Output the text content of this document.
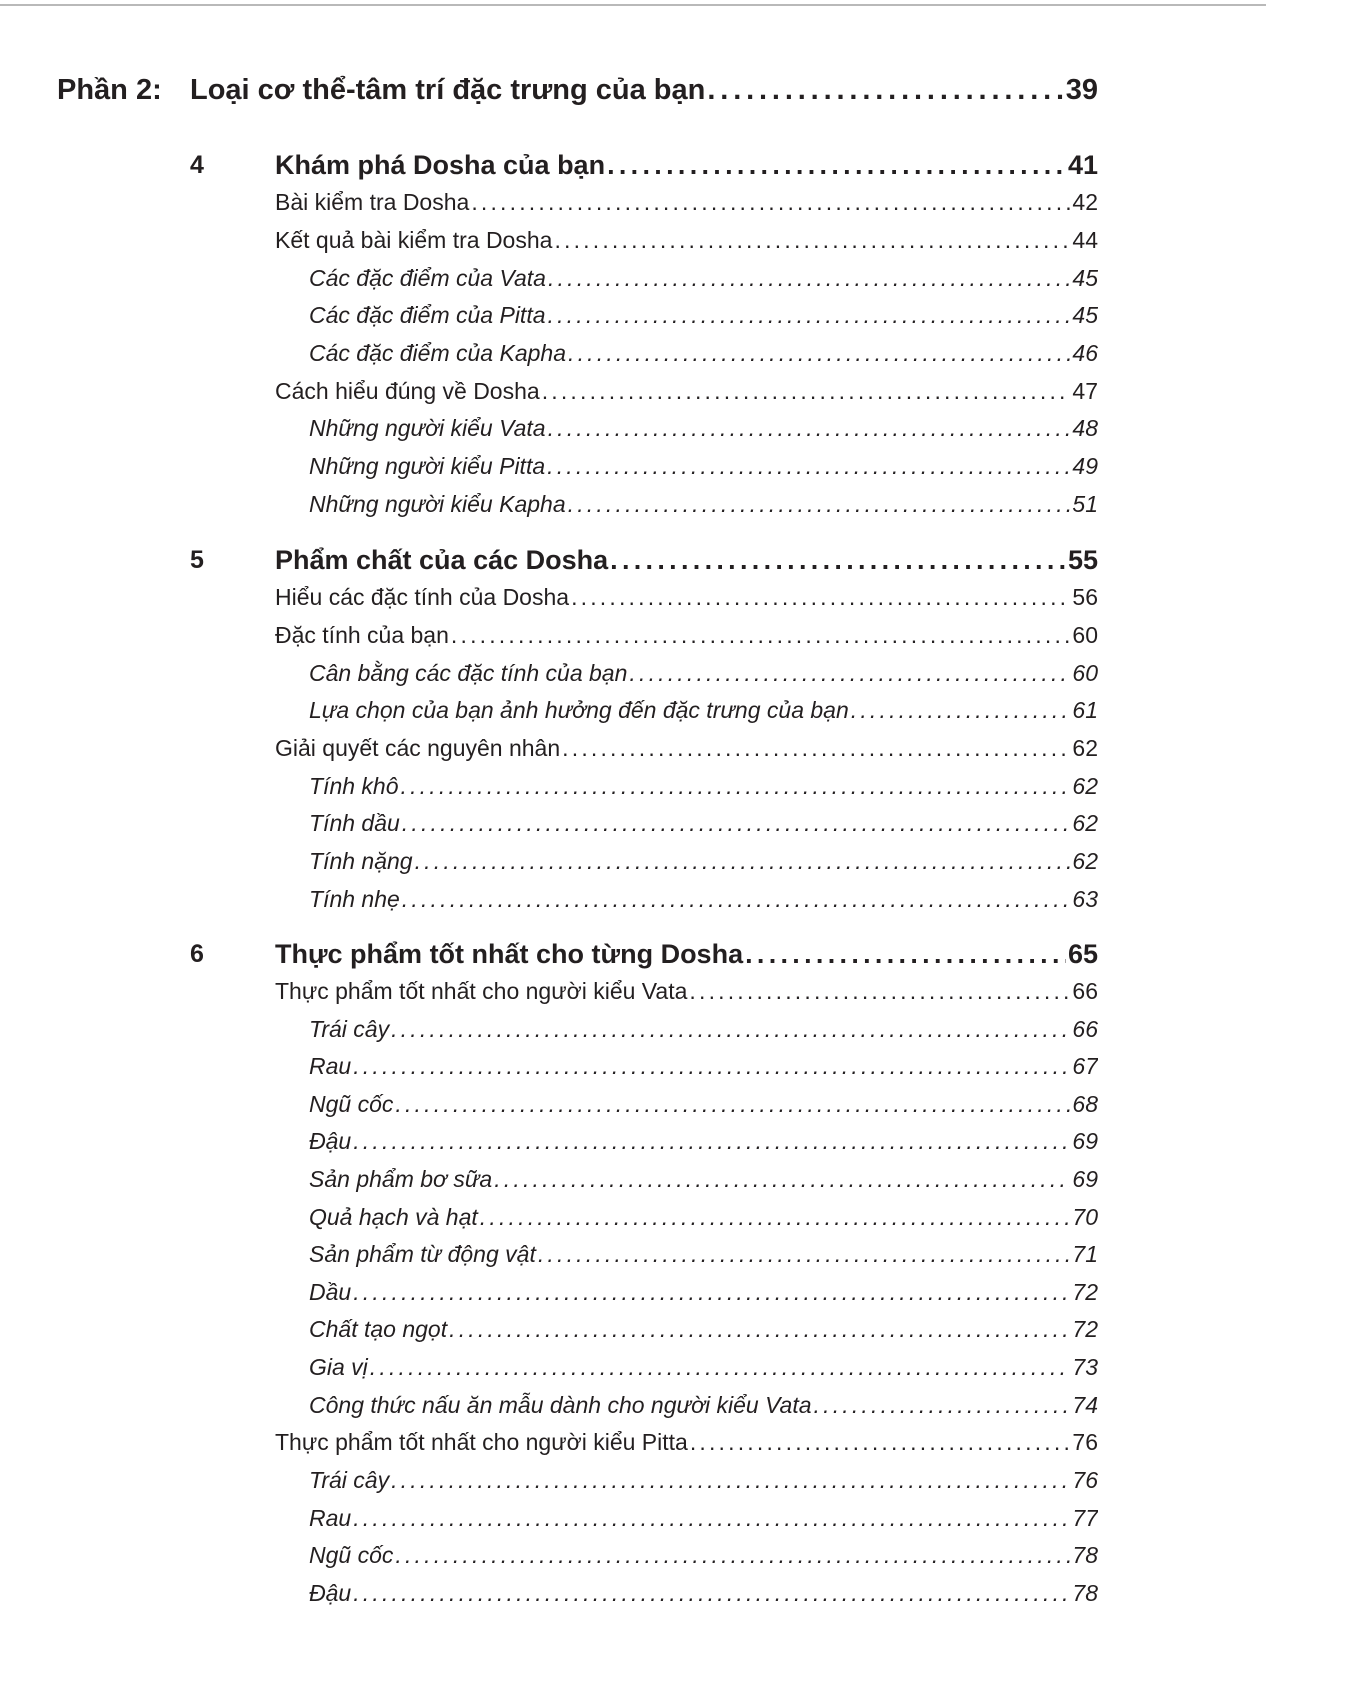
Phần 2: Loại cơ thể-tâm trí đặc trưng của bạn . . .	39
4	Khám phá Dosha của bạn . . .	41
Bài kiểm tra Dosha . . .	42
Kết quả bài kiểm tra Dosha . . .	44
Các đặc điểm của Vata . . .	45
Các đặc điểm của Pitta . . .	45
Các đặc điểm của Kapha . . .	46
Cách hiểu đúng về Dosha . . .	47
Những người kiểu Vata . . .	48
Những người kiểu Pitta . . .	49
Những người kiểu Kapha . . .	51
5	Phẩm chất của các Dosha . . .	55
Hiểu các đặc tính của Dosha . . .	56
Đặc tính của bạn . . .	60
Cân bằng các đặc tính của bạn . . .	60
Lựa chọn của bạn ảnh hưởng đến đặc trưng của bạn . . .	61
Giải quyết các nguyên nhân . . .	62
Tính khô . . .	62
Tính dầu . . .	62
Tính nặng . . .	62
Tính nhẹ . . .	63
6	Thực phẩm tốt nhất cho từng Dosha . . .	65
Thực phẩm tốt nhất cho người kiểu Vata . . .	66
Trái cây . . .	66
Rau . . .	67
Ngũ cốc . . .	68
Đậu . . .	69
Sản phẩm bơ sữa . . .	69
Quả hạch và hạt . . .	70
Sản phẩm từ động vật . . .	71
Dầu . . .	72
Chất tạo ngọt . . .	72
Gia vị . . .	73
Công thức nấu ăn mẫu dành cho người kiểu Vata . . .	74
Thực phẩm tốt nhất cho người kiểu Pitta . . .	76
Trái cây . . .	76
Rau . . .	77
Ngũ cốc . . .	78
Đậu . . .	78
